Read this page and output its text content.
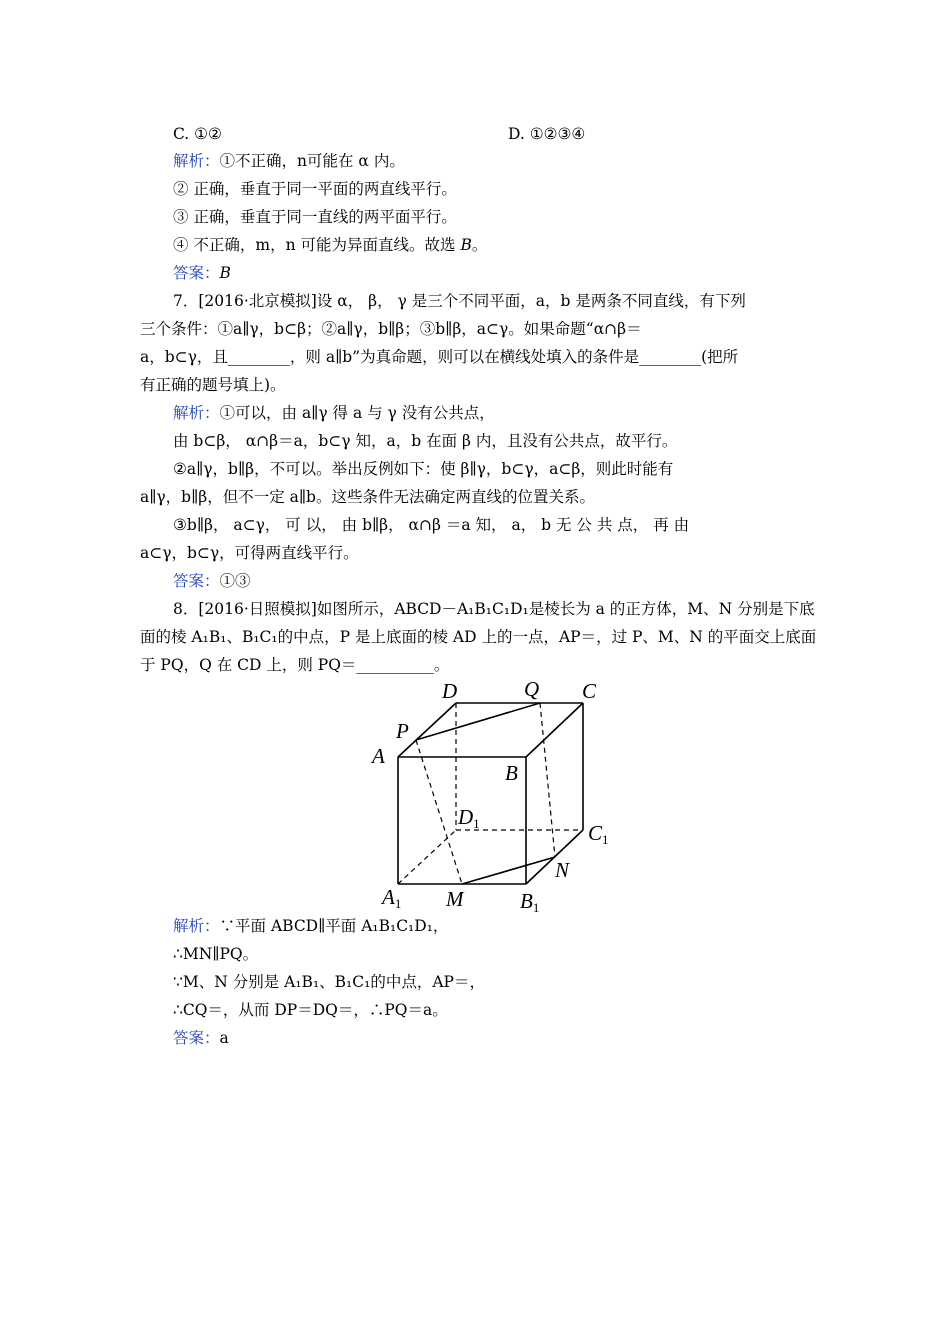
C. ①②	D. ①②③④
解析：①不正确，n可能在 α 内。
② 正确，垂直于同一平面的两直线平行。
③ 正确，垂直于同一直线的两平面平行。
④ 不正确，m，n 可能为异面直线。故选 B。
答案：B
7．[2016·北京模拟]设 α， β， γ 是三个不同平面，a，b 是两条不同直线，有下列
三个条件：①a∥γ，b⊂β；②a∥γ，b∥β；③b∥β，a⊂γ。如果命题“α∩β＝
a，b⊂γ，且________，则 a∥b”为真命题，则可以在横线处填入的条件是________(把所
有正确的题号填上)。
解析：①可以，由 a∥γ 得 a 与 γ 没有公共点，
由 b⊂β， α∩β＝a，b⊂γ 知，a，b 在面 β 内，且没有公共点，故平行。
②a∥γ，b∥β，不可以。举出反例如下：使 β∥γ，b⊂γ，a⊂β，则此时能有
a∥γ，b∥β，但不一定 a∥b。这些条件无法确定两直线的位置关系。
③b∥β， a⊂γ， 可 以， 由 b∥β， α∩β ＝a 知， a， b 无 公 共 点， 再 由
a⊂γ，b⊂γ，可得两直线平行。
答案：①③
8．[2016·日照模拟]如图所示，ABCD－A₁B₁C₁D₁是棱长为 a 的正方体，M、N 分别是下底
面的棱 A₁B₁、B₁C₁的中点，P 是上底面的棱 AD 上的一点，AP＝，过 P、M、N 的平面交上底面
于 PQ，Q 在 CD 上，则 PQ＝__________。
D	Q C
P
A
B
D1	C1
N
M
A1	B1
解析：∵平面 ABCD∥平面 A₁B₁C₁D₁，
∴MN∥PQ。
∵M、N 分别是 A₁B₁、B₁C₁的中点，AP＝，
∴CQ＝，从而 DP＝DQ＝，∴PQ＝a。
答案：a
